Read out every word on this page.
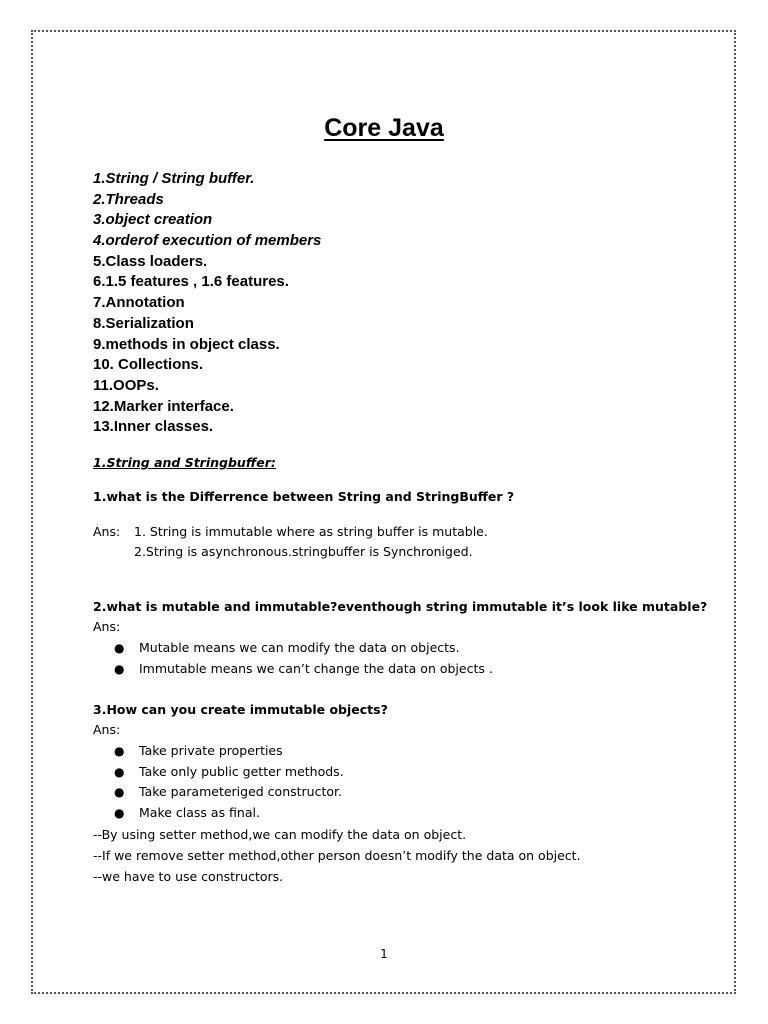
Core Java
1.String / String buffer.
2.Threads
3.object creation
4.orderof execution of members
5.Class loaders.
6.1.5 features , 1.6 features.
7.Annotation
8.Serialization
9.methods in object class.
10. Collections.
11.OOPs.
12.Marker interface.
13.Inner classes.
1.String and Stringbuffer:
1.what is the Differrence between String and StringBuffer ?
Ans: 1. String is immutable where as string buffer is mutable.
2.String is asynchronous.stringbuffer is Synchroniged.
2.what is mutable and immutable?eventhough string immutable it’s look like mutable?
Ans:
● Mutable means we can modify the data on objects.
● Immutable means we can’t change the data on objects .
3.How can you create immutable objects?
Ans:
● Take private properties
● Take only public getter methods.
● Take parameteriged constructor.
● Make class as final.
--By using setter method,we can modify the data on object.
--If we remove setter method,other person doesn’t modify the data on object.
--we have to use constructors.
1
